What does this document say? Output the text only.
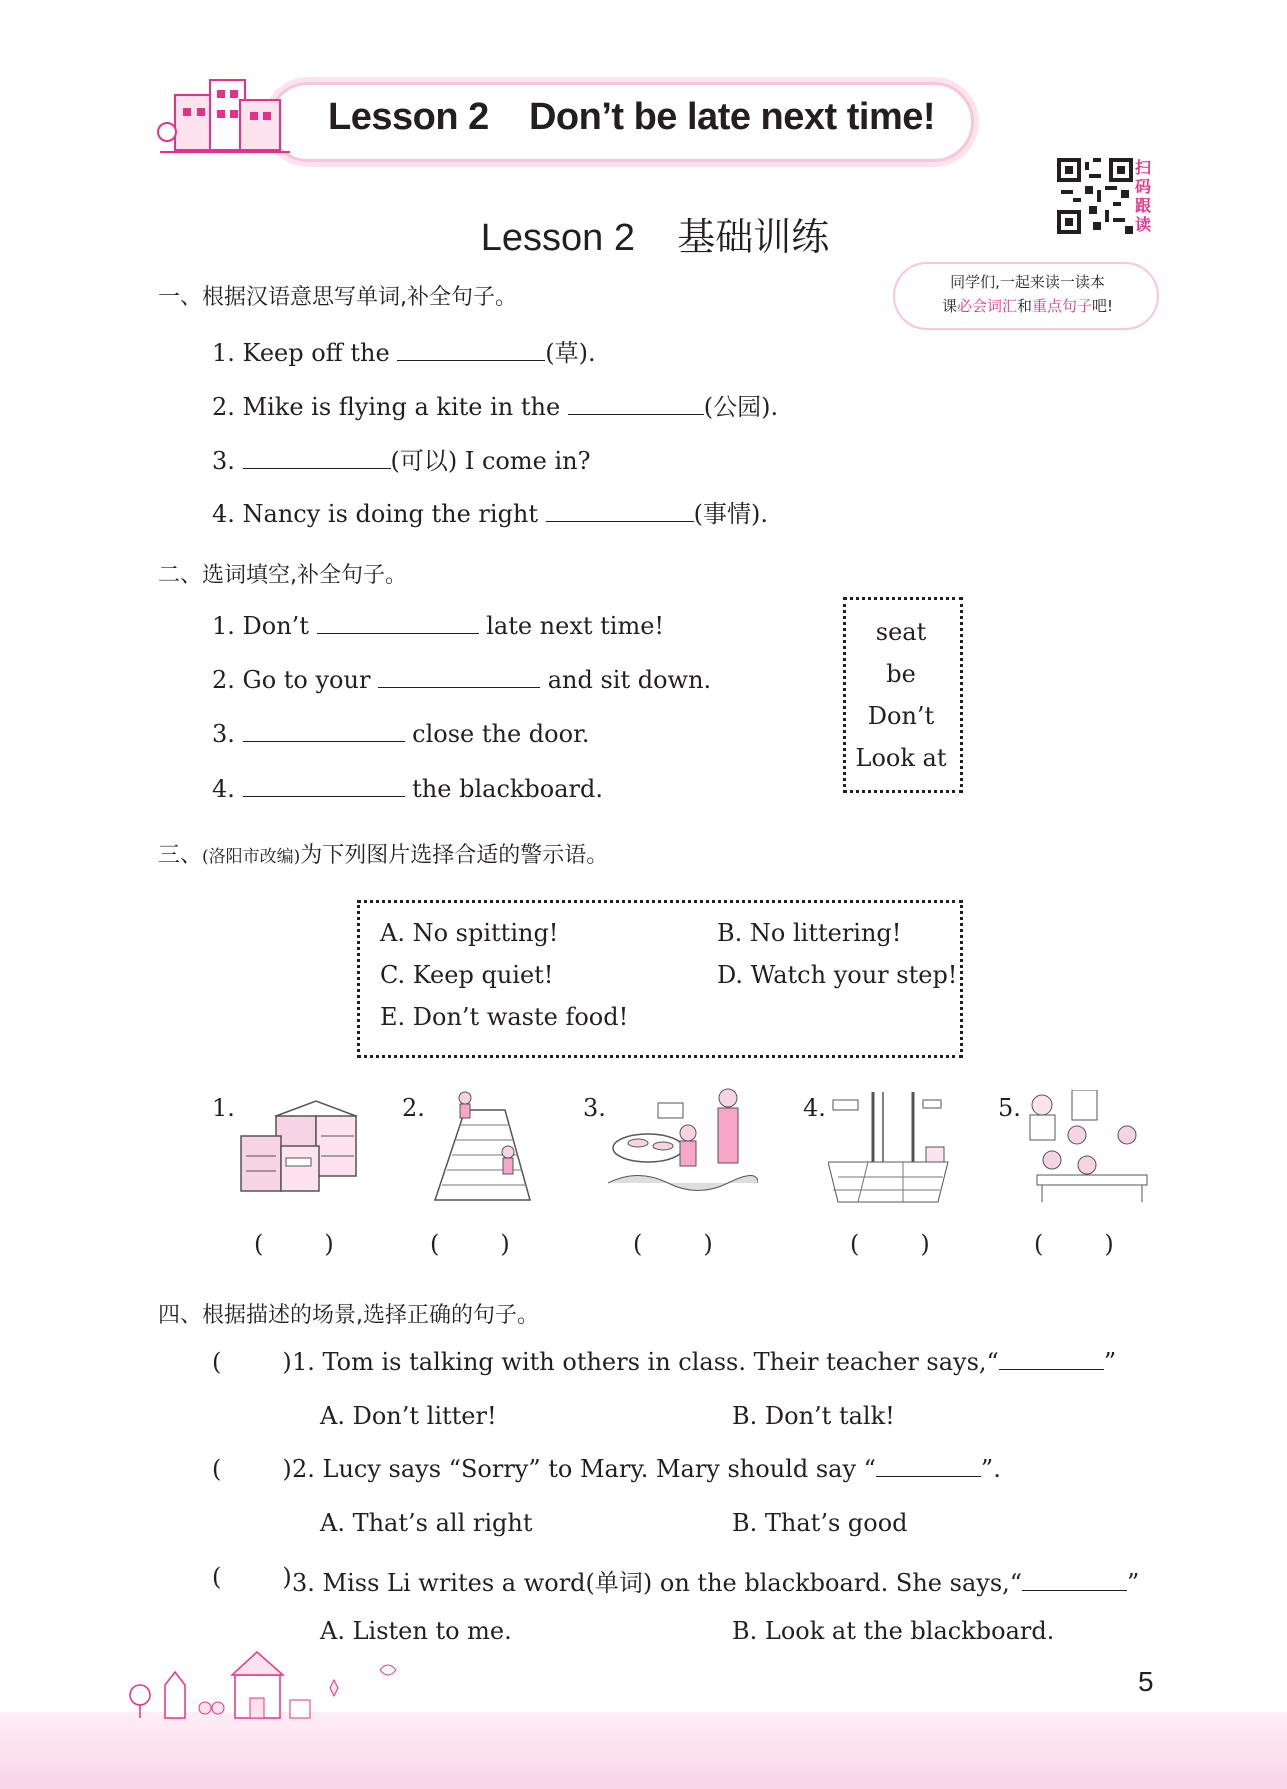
Lesson 2    Don’t be late next time!
Lesson 2    基础训练
扫码跟读
同学们,一起来读一读本
课必会词汇和重点句子吧!
一、根据汉语意思写单词,补全句子。
1. Keep off the	(草).
2. Mike is flying a kite in the	(公园).
3.	(可以) I come in?
4. Nancy is doing the right	(事情).
二、选词填空,补全句子。
1. Don’t	late next time!
2. Go to your	and sit down.
3.	close the door.
4.	the blackboard.
seat
be
Don’t
Look at
三、(洛阳市改编)为下列图片选择合适的警示语。
A. No spitting!	B. No littering!
C. Keep quiet!	D. Watch your step!
E. Don’t waste food!
1.	2.	3.	4.	5.
(        )	(        )	(        )	(        )	(        )
四、根据描述的场景,选择正确的句子。
(        ) 1. Tom is talking with others in class. Their teacher says,“	”
A. Don’t litter!	B. Don’t talk!
(        ) 2. Lucy says “Sorry” to Mary. Mary should say “	”.
A. That’s all right	B. That’s good
(        ) 3. Miss Li writes a word(单词) on the blackboard. She says,“	”
A. Listen to me.	B. Look at the blackboard.
5
